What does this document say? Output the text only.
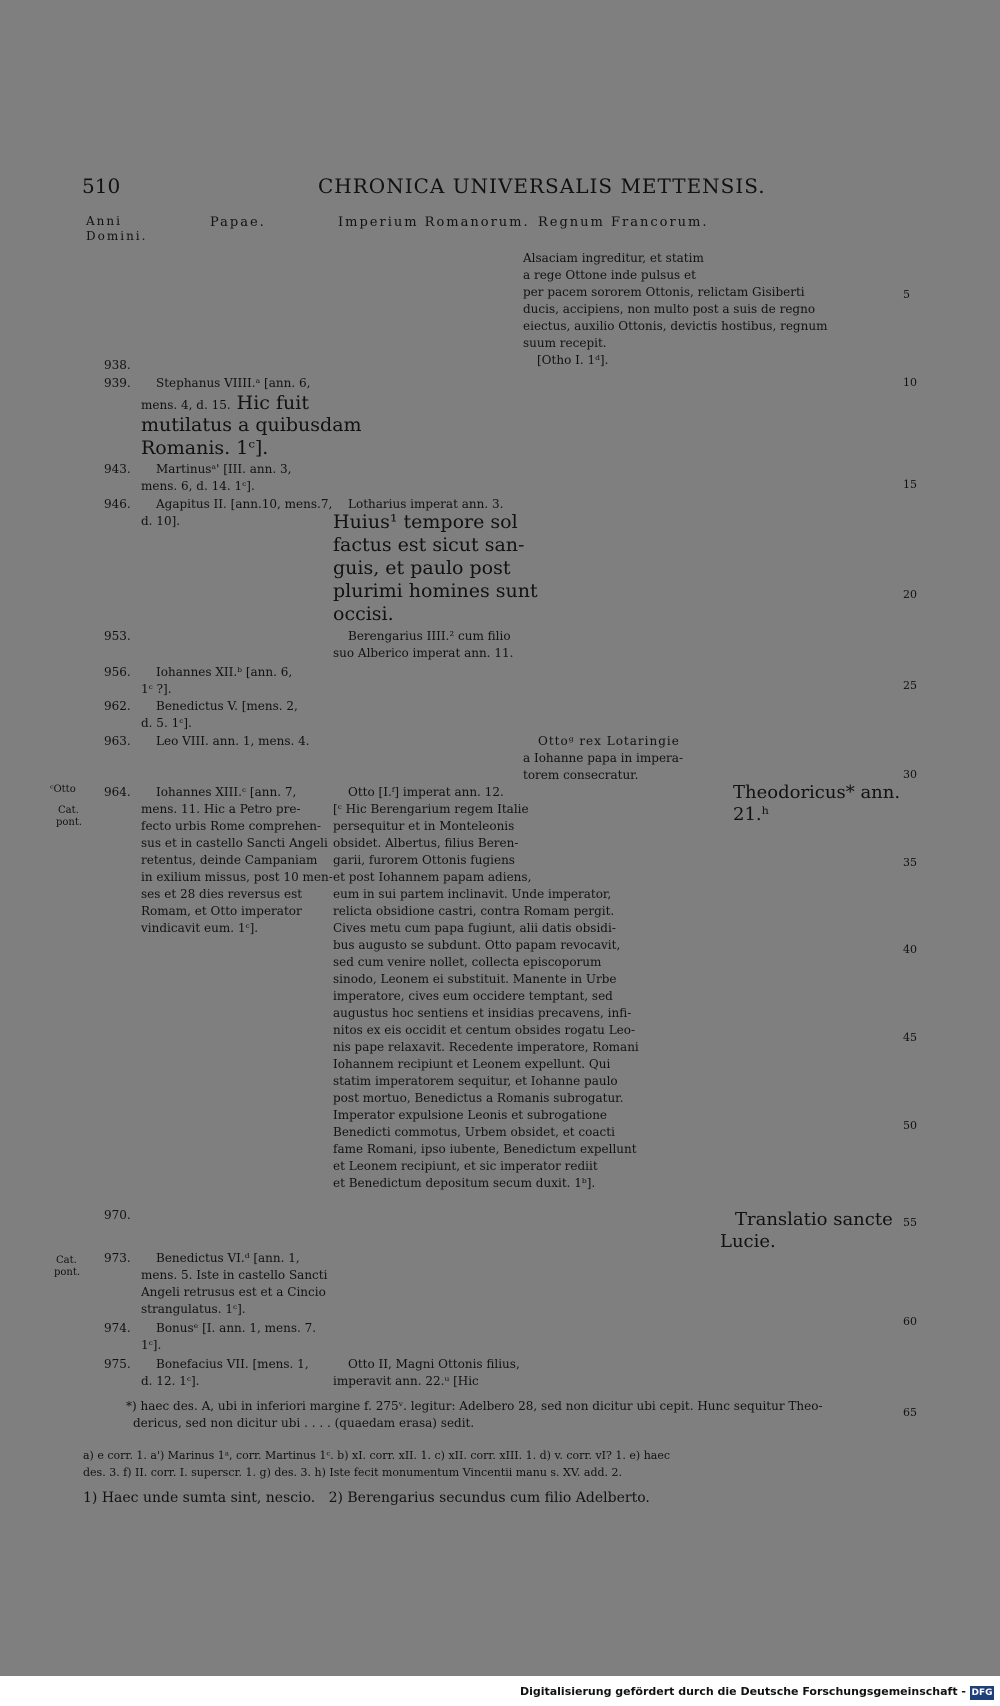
510	CHRONICA UNIVERSALIS METTENSIS.
Anni
Domini.
Papae.	Imperium Romanorum. Regnum Francorum.
Alsaciam ingreditur, et statim
a rege Ottone inde pulsus et
per pacem sororem Ottonis, relictam Gisiberti
ducis, accipiens, non multo post a suis de regno
eiectus, auxilio Ottonis, devictis hostibus, regnum
suum recepit.
[Otho I. 1ᵈ].
938.
939.
943.
946.
953.
956.
962.
963.
964.
970.
973.
974.
975.
ᶜOtto
Cat.
pont.
Cat.
pont.
Stephanus VIIII.ᵃ [ann. 6,
mens. 4, d. 15. Hic fuit
mutilatus a quibusdam
Romanis. 1ᶜ].
Martinusᵃ' [III. ann. 3,
mens. 6, d. 14. 1ᶜ].
Agapitus II. [ann.10, mens.7,
d. 10].
Iohannes XII.ᵇ [ann. 6,
1ᶜ ?].
Benedictus V. [mens. 2,
d. 5. 1ᶜ].
Leo VIII. ann. 1, mens. 4.
Iohannes XIII.ᶜ [ann. 7,
mens. 11. Hic a Petro pre-
fecto urbis Rome comprehen-
sus et in castello Sancti Angeli
retentus, deinde Campaniam
in exilium missus, post 10 men-
ses et 28 dies reversus est
Romam, et Otto imperator
vindicavit eum. 1ᶜ].
Benedictus VI.ᵈ [ann. 1,
mens. 5. Iste in castello Sancti
Angeli retrusus est et a Cincio
strangulatus. 1ᶜ].
Bonusᵉ [I. ann. 1, mens. 7.
1ᶜ].
Bonefacius VII. [mens. 1,
d. 12. 1ᶜ].
Lotharius imperat ann. 3.
Huius¹ tempore sol
factus est sicut san-
guis, et paulo post
plurimi homines sunt
occisi.
Berengarius IIII.² cum filio
suo Alberico imperat ann. 11.
Otto [I.ᶠ] imperat ann. 12.
[ᶜ Hic Berengarium regem Italie
persequitur et in Monteleonis
obsidet. Albertus, filius Beren-
garii, furorem Ottonis fugiens
et post Iohannem papam adiens,
eum in sui partem inclinavit. Unde imperator,
relicta obsidione castri, contra Romam pergit.
Cives metu cum papa fugiunt, alii datis obsidi-
bus augusto se subdunt. Otto papam revocavit,
sed cum venire nollet, collecta episcoporum
sinodo, Leonem ei substituit. Manente in Urbe
imperatore, cives eum occidere temptant, sed
augustus hoc sentiens et insidias precavens, infi-
nitos ex eis occidit et centum obsides rogatu Leo-
nis pape relaxavit. Recedente imperatore, Romani
Iohannem recipiunt et Leonem expellunt. Qui
statim imperatorem sequitur, et Iohanne paulo
post mortuo, Benedictus a Romanis subrogatur.
Imperator expulsione Leonis et subrogatione
Benedicti commotus, Urbem obsidet, et coacti
fame Romani, ipso iubente, Benedictum expellunt
et Leonem recipiunt, et sic imperator rediit
et Benedictum depositum secum duxit. 1ᵇ].
Otto II, Magni Ottonis filius,
imperavit ann. 22.ᵘ [Hic
Ottoᵍ rex Lotaringie
a Iohanne papa in impera-
torem consecratur.
Theodoricus* ann.
21.ʰ
Translatio sancte
Lucie.
5
10
15
20
25
30
35
40
45
50
55
60
65
*) haec des. A, ubi in inferiori margine f. 275ᵛ. legitur: Adelbero 28, sed non dicitur ubi cepit. Hunc sequitur Theo-
dericus, sed non dicitur ubi . . . . (quaedam erasa) sedit.
a) e corr. 1. a') Marinus 1ᵃ, corr. Martinus 1ᶜ. b) xI. corr. xII. 1. c) xII. corr. xIII. 1. d) v. corr. vI? 1. e) haec
des. 3. f) II. corr. I. superscr. 1. g) des. 3. h) Iste fecit monumentum Vincentii manu s. XV. add. 2.
1) Haec unde sumta sint, nescio.   2) Berengarius secundus cum filio Adelberto.
Digitalisierung gefördert durch die Deutsche Forschungsgemeinschaft - DFG
